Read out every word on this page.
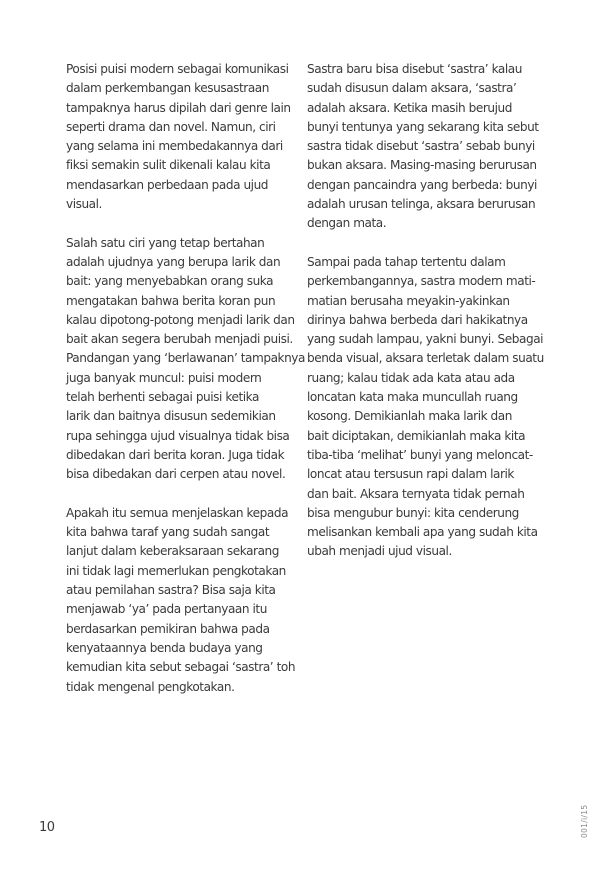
Posisi puisi modern sebagai komunikasi
dalam perkembangan kesusastraan
tampaknya harus dipilah dari genre lain
seperti drama dan novel. Namun, ciri
yang selama ini membedakannya dari
fiksi semakin sulit dikenali kalau kita
mendasarkan perbedaan pada ujud
visual.
Salah satu ciri yang tetap bertahan
adalah ujudnya yang berupa larik dan
bait: yang menyebabkan orang suka
mengatakan bahwa berita koran pun
kalau dipotong-potong menjadi larik dan
bait akan segera berubah menjadi puisi.
Pandangan yang ‘berlawanan’ tampaknya
juga banyak muncul: puisi modern
telah berhenti sebagai puisi ketika
larik dan baitnya disusun sedemikian
rupa sehingga ujud visualnya tidak bisa
dibedakan dari berita koran. Juga tidak
bisa dibedakan dari cerpen atau novel.
Apakah itu semua menjelaskan kepada
kita bahwa taraf yang sudah sangat
lanjut dalam keberaksaraan sekarang
ini tidak lagi memerlukan pengkotakan
atau pemilahan sastra? Bisa saja kita
menjawab ‘ya’ pada pertanyaan itu
berdasarkan pemikiran bahwa pada
kenyataannya benda budaya yang
kemudian kita sebut sebagai ‘sastra’ toh
tidak mengenal pengkotakan.
Sastra baru bisa disebut ‘sastra’ kalau
sudah disusun dalam aksara, ‘sastra’
adalah aksara. Ketika masih berujud
bunyi tentunya yang sekarang kita sebut
sastra tidak disebut ‘sastra’ sebab bunyi
bukan aksara. Masing-masing berurusan
dengan pancaindra yang berbeda: bunyi
adalah urusan telinga, aksara berurusan
dengan mata.
Sampai pada tahap tertentu dalam
perkembangannya, sastra modern mati-
matian berusaha meyakin-yakinkan
dirinya bahwa berbeda dari hakikatnya
yang sudah lampau, yakni bunyi. Sebagai
benda visual, aksara terletak dalam suatu
ruang; kalau tidak ada kata atau ada
loncatan kata maka muncullah ruang
kosong. Demikianlah maka larik dan
bait diciptakan, demikianlah maka kita
tiba-tiba ‘melihat’ bunyi yang meloncat-
loncat atau tersusun rapi dalam larik
dan bait. Aksara ternyata tidak pernah
bisa mengubur bunyi: kita cenderung
melisankan kembali apa yang sudah kita
ubah menjadi ujud visual.
10	001/i/15
